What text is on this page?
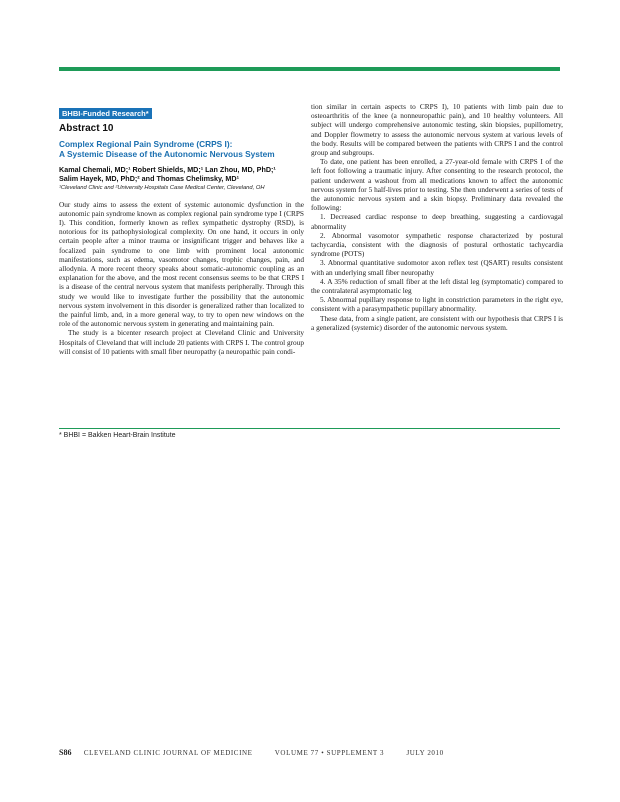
BHBI-Funded Research*
Abstract 10
Complex Regional Pain Syndrome (CRPS I):
A Systemic Disease of the Autonomic Nervous System
Kamal Chemali, MD;¹ Robert Shields, MD;¹ Lan Zhou, MD, PhD;¹
Salim Hayek, MD, PhD;² and Thomas Chelimsky, MD¹
¹Cleveland Clinic and ²University Hospitals Case Medical Center, Cleveland, OH

Our study aims to assess the extent of systemic autonomic dysfunction in the autonomic pain syndrome known as complex regional pain syndrome type I (CRPS I). This condition, formerly known as reflex sympathetic dystrophy (RSD), is notorious for its pathophysiological complexity. On one hand, it occurs in only certain people after a minor trauma or insignificant trigger and behaves like a focalized pain syndrome to one limb with prominent local autonomic manifestations, such as edema, vasomotor changes, trophic changes, pain, and allodynia. A more recent theory speaks about somatic-autonomic coupling as an explanation for the above, and the most recent consensus seems to be that CRPS I is a disease of the central nervous system that manifests peripherally. Through this study we would like to investigate further the possibility that the autonomic nervous system involvement in this disorder is generalized rather than localized to the painful limb, and, in a more general way, to try to open new windows on the role of the autonomic nervous system in generating and maintaining pain.

The study is a bicenter research project at Cleveland Clinic and University Hospitals of Cleveland that will include 20 patients with CRPS I. The control group will consist of 10 patients with small fiber neuropathy (a neuropathic pain condi-

tion similar in certain aspects to CRPS I), 10 patients with limb pain due to osteoarthritis of the knee (a nonneuropathic pain), and 10 healthy volunteers. All subject will undergo comprehensive autonomic testing, skin biopsies, pupillometry, and Doppler flowmetry to assess the autonomic nervous system at various levels of the body. Results will be compared between the patients with CRPS I and the control group and subgroups.

To date, one patient has been enrolled, a 27-year-old female with CRPS I of the left foot following a traumatic injury. After consenting to the research protocol, the patient underwent a washout from all medications known to affect the autonomic nervous system for 5 half-lives prior to testing. She then underwent a series of tests of the autonomic nervous system and a skin biopsy. Preliminary data revealed the following:

1. Decreased cardiac response to deep breathing, suggesting a cardiovagal abnormality

2. Abnormal vasomotor sympathetic response characterized by postural tachycardia, consistent with the diagnosis of postural orthostatic tachycardia syndrome (POTS)

3. Abnormal quantitative sudomotor axon reflex test (QSART) results consistent with an underlying small fiber neuropathy

4. A 35% reduction of small fiber at the left distal leg (symptomatic) compared to the contralateral asymptomatic leg

5. Abnormal pupillary response to light in constriction parameters in the right eye, consistent with a parasympathetic pupillary abnormality.

These data, from a single patient, are consistent with our hypothesis that CRPS I is a generalized (systemic) disorder of the autonomic nervous system.

* BHBI = Bakken Heart-Brain Institute
S86 CLEVELAND CLINIC JOURNAL OF MEDICINE	VOLUME 77 • SUPPLEMENT 3	JULY 2010
